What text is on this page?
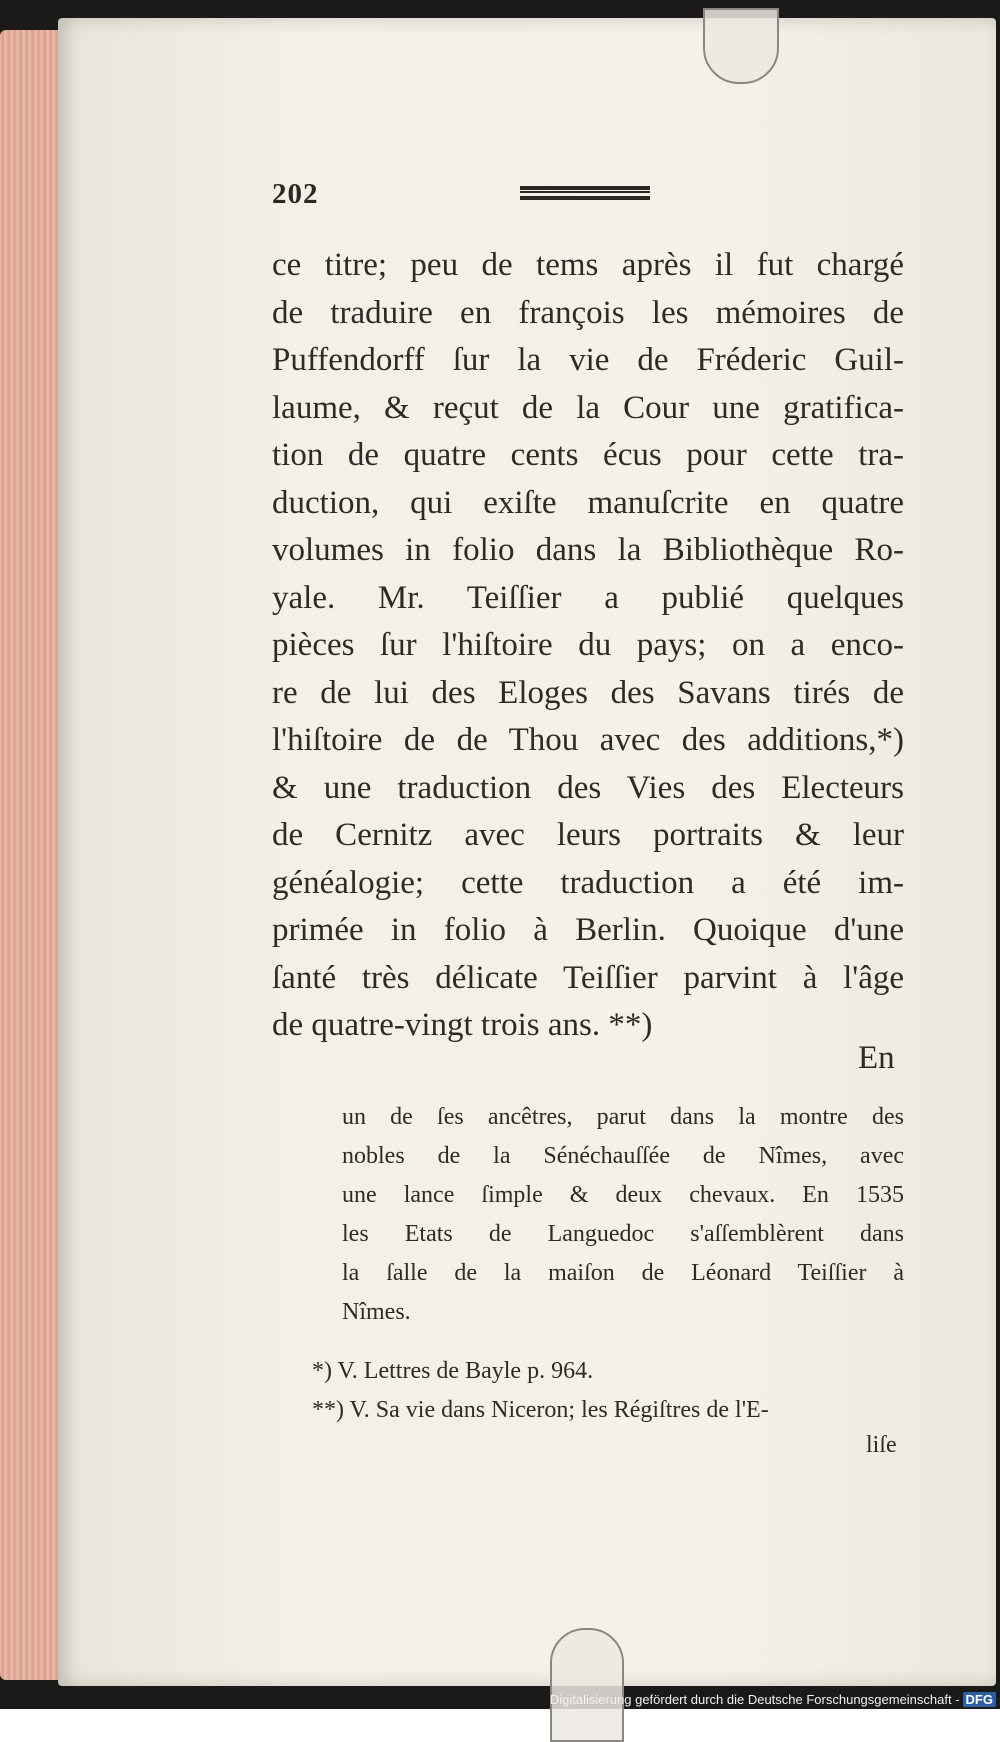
202
ce titre; peu de tems après il fut chargé
de traduire en françois les mémoires de
Puffendorff ſur la vie de Fréderic Guil-
laume, & reçut de la Cour une gratifica-
tion de quatre cents écus pour cette tra-
duction, qui exiſte manuſcrite en quatre
volumes in folio dans la Bibliothèque Ro-
yale. Mr. Teiſſier a publié quelques
pièces ſur l'hiſtoire du pays; on a enco-
re de lui des Eloges des Savans tirés de
l'hiſtoire de de Thou avec des additions,*)
& une traduction des Vies des Electeurs
de Cernitz avec leurs portraits & leur
généalogie; cette traduction a été im-
primée in folio à Berlin. Quoique d'une
ſanté très délicate Teiſſier parvint à l'âge
de quatre-vingt trois ans. **)
En
un de ſes ancêtres, parut dans la montre des
nobles de la Sénéchauſſée de Nîmes, avec
une lance ſimple & deux chevaux. En 1535
les Etats de Languedoc s'aſſemblèrent dans
la ſalle de la maiſon de Léonard Teiſſier à
Nîmes.
*) V. Lettres de Bayle p. 964.
**) V. Sa vie dans Niceron; les Régiſtres de l'E-
liſe
Digitalisierung gefördert durch die Deutsche Forschungsgemeinschaft - DFG
